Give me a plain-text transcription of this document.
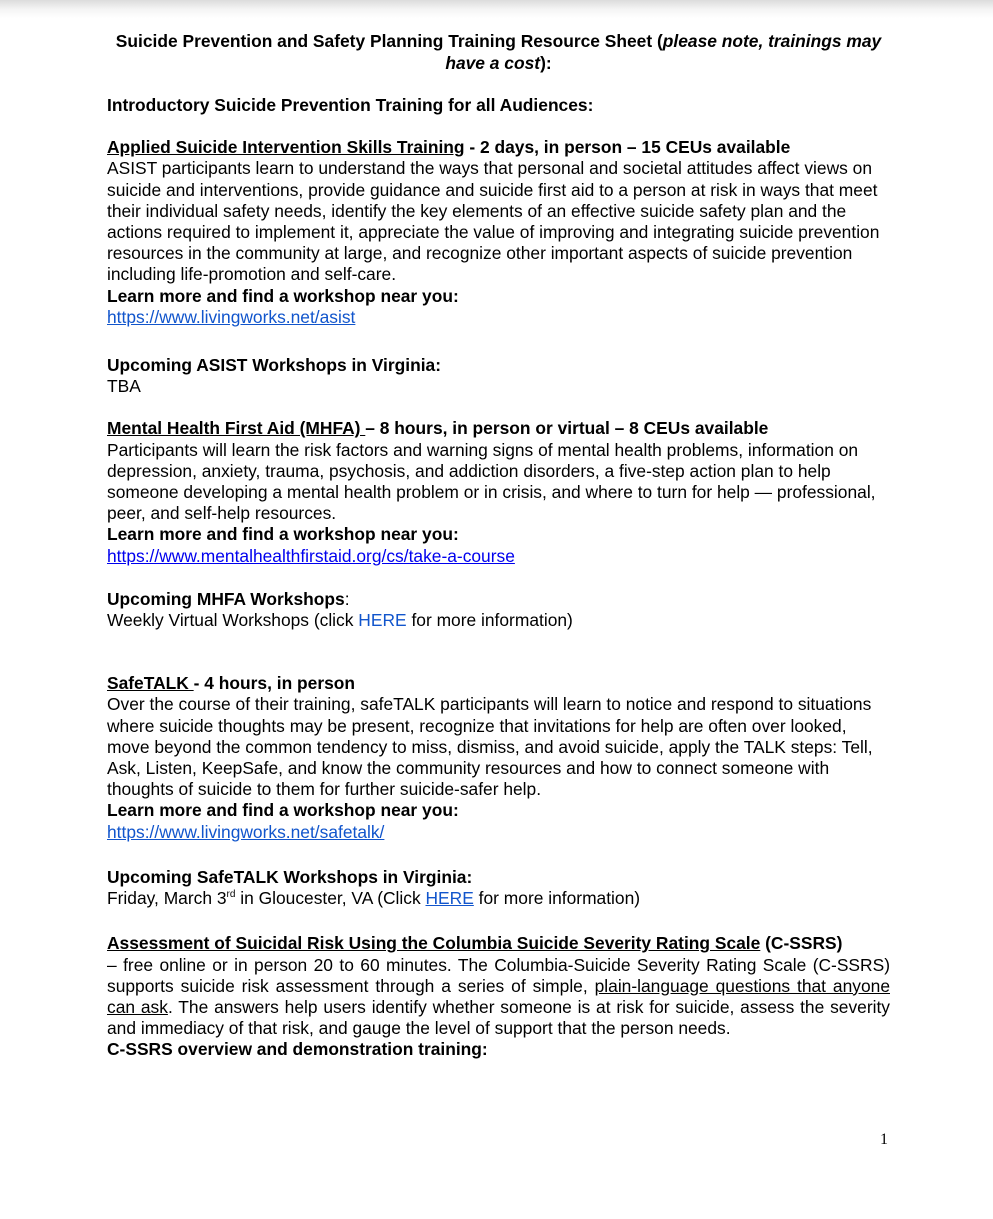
Suicide Prevention and Safety Planning Training Resource Sheet (please note, trainings may have a cost):

Introductory Suicide Prevention Training for all Audiences:

Applied Suicide Intervention Skills Training - 2 days, in person – 15 CEUs available

ASIST participants learn to understand the ways that personal and societal attitudes affect views on suicide and interventions, provide guidance and suicide first aid to a person at risk in ways that meet their individual safety needs, identify the key elements of an effective suicide safety plan and the actions required to implement it, appreciate the value of improving and integrating suicide prevention resources in the community at large, and recognize other important aspects of suicide prevention including life-promotion and self-care.

Learn more and find a workshop near you:

https://www.livingworks.net/asist

Upcoming ASIST Workshops in Virginia:

TBA

Mental Health First Aid (MHFA) – 8 hours, in person or virtual – 8 CEUs available

Participants will learn the risk factors and warning signs of mental health problems, information on depression, anxiety, trauma, psychosis, and addiction disorders, a five-step action plan to help someone developing a mental health problem or in crisis, and where to turn for help — professional, peer, and self-help resources.

Learn more and find a workshop near you:

https://www.mentalhealthfirstaid.org/cs/take-a-course

Upcoming MHFA Workshops:

Weekly Virtual Workshops (click HERE for more information)

SafeTALK - 4 hours, in person

Over the course of their training, safeTALK participants will learn to notice and respond to situations where suicide thoughts may be present, recognize that invitations for help are often over looked, move beyond the common tendency to miss, dismiss, and avoid suicide, apply the TALK steps: Tell, Ask, Listen, KeepSafe, and know the community resources and how to connect someone with thoughts of suicide to them for further suicide-safer help.

Learn more and find a workshop near you:

https://www.livingworks.net/safetalk/

Upcoming SafeTALK Workshops in Virginia:

Friday, March 3rd in Gloucester, VA (Click HERE for more information)

Assessment of Suicidal Risk Using the Columbia Suicide Severity Rating Scale (C-SSRS)

– free online or in person 20 to 60 minutes. The Columbia-Suicide Severity Rating Scale (C-SSRS) supports suicide risk assessment through a series of simple, plain-language questions that anyone can ask. The answers help users identify whether someone is at risk for suicide, assess the severity and immediacy of that risk, and gauge the level of support that the person needs.

C-SSRS overview and demonstration training:

1
